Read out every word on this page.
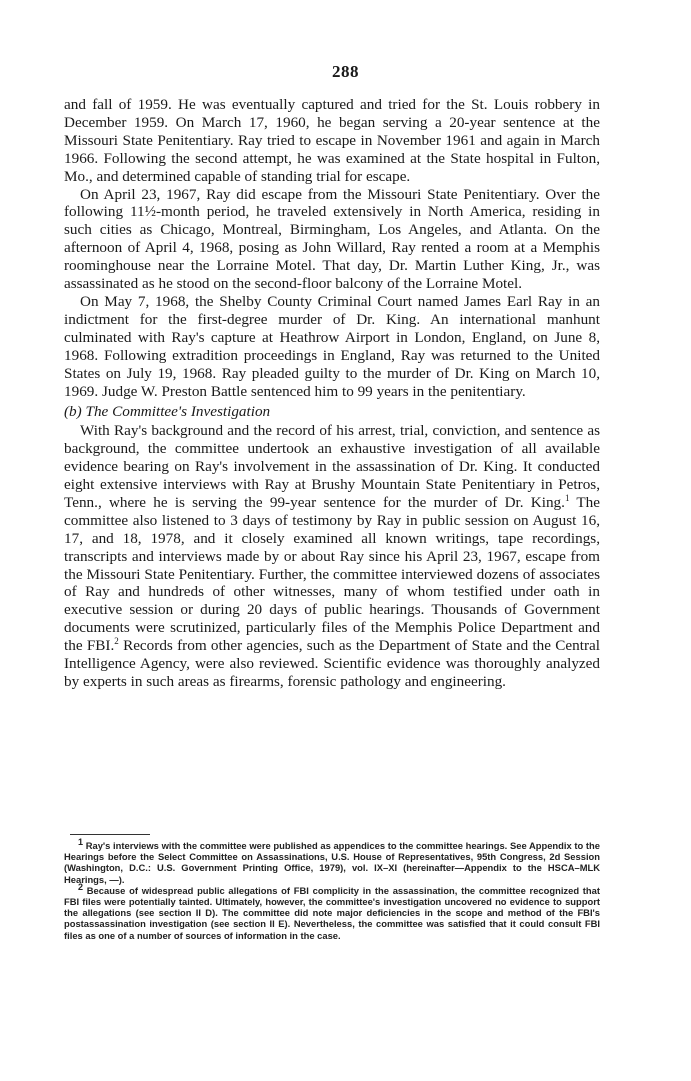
288

and fall of 1959. He was eventually captured and tried for the St. Louis robbery in December 1959. On March 17, 1960, he began serving a 20-year sentence at the Missouri State Penitentiary. Ray tried to escape in November 1961 and again in March 1966. Following the second attempt, he was examined at the State hospital in Fulton, Mo., and determined capable of standing trial for escape.

On April 23, 1967, Ray did escape from the Missouri State Penitentiary. Over the following 11½-month period, he traveled extensively in North America, residing in such cities as Chicago, Montreal, Birmingham, Los Angeles, and Atlanta. On the afternoon of April 4, 1968, posing as John Willard, Ray rented a room at a Memphis roominghouse near the Lorraine Motel. That day, Dr. Martin Luther King, Jr., was assassinated as he stood on the second-floor balcony of the Lorraine Motel.

On May 7, 1968, the Shelby County Criminal Court named James Earl Ray in an indictment for the first-degree murder of Dr. King. An international manhunt culminated with Ray's capture at Heathrow Airport in London, England, on June 8, 1968. Following extradition proceedings in England, Ray was returned to the United States on July 19, 1968. Ray pleaded guilty to the murder of Dr. King on March 10, 1969. Judge W. Preston Battle sentenced him to 99 years in the penitentiary.

(b) The Committee's Investigation

With Ray's background and the record of his arrest, trial, conviction, and sentence as background, the committee undertook an exhaustive investigation of all available evidence bearing on Ray's involvement in the assassination of Dr. King. It conducted eight extensive interviews with Ray at Brushy Mountain State Penitentiary in Petros, Tenn., where he is serving the 99-year sentence for the murder of Dr. King.$^1$ The committee also listened to 3 days of testimony by Ray in public session on August 16, 17, and 18, 1978, and it closely examined all known writings, tape recordings, transcripts and interviews made by or about Ray since his April 23, 1967, escape from the Missouri State Penitentiary. Further, the committee interviewed dozens of associates of Ray and hundreds of other witnesses, many of whom testified under oath in executive session or during 20 days of public hearings. Thousands of Government documents were scrutinized, particularly files of the Memphis Police Department and the FBI.$^2$ Records from other agencies, such as the Department of State and the Central Intelligence Agency, were also reviewed. Scientific evidence was thoroughly analyzed by experts in such areas as firearms, forensic pathology and engineering.

$^1$ Ray's interviews with the committee were published as appendices to the committee hearings. See Appendix to the Hearings before the Select Committee on Assassinations, U.S. House of Representatives, 95th Congress, 2d Session (Washington, D.C.: U.S. Government Printing Office, 1979), vol. IX–XI (hereinafter—Appendix to the HSCA–MLK Hearings, —).

$^2$ Because of widespread public allegations of FBI complicity in the assassination, the committee recognized that FBI files were potentially tainted. Ultimately, however, the committee's investigation uncovered no evidence to support the allegations (see section II D). The committee did note major deficiencies in the scope and method of the FBI's postassassination investigation (see section II E). Nevertheless, the committee was satisfied that it could consult FBI files as one of a number of sources of information in the case.
